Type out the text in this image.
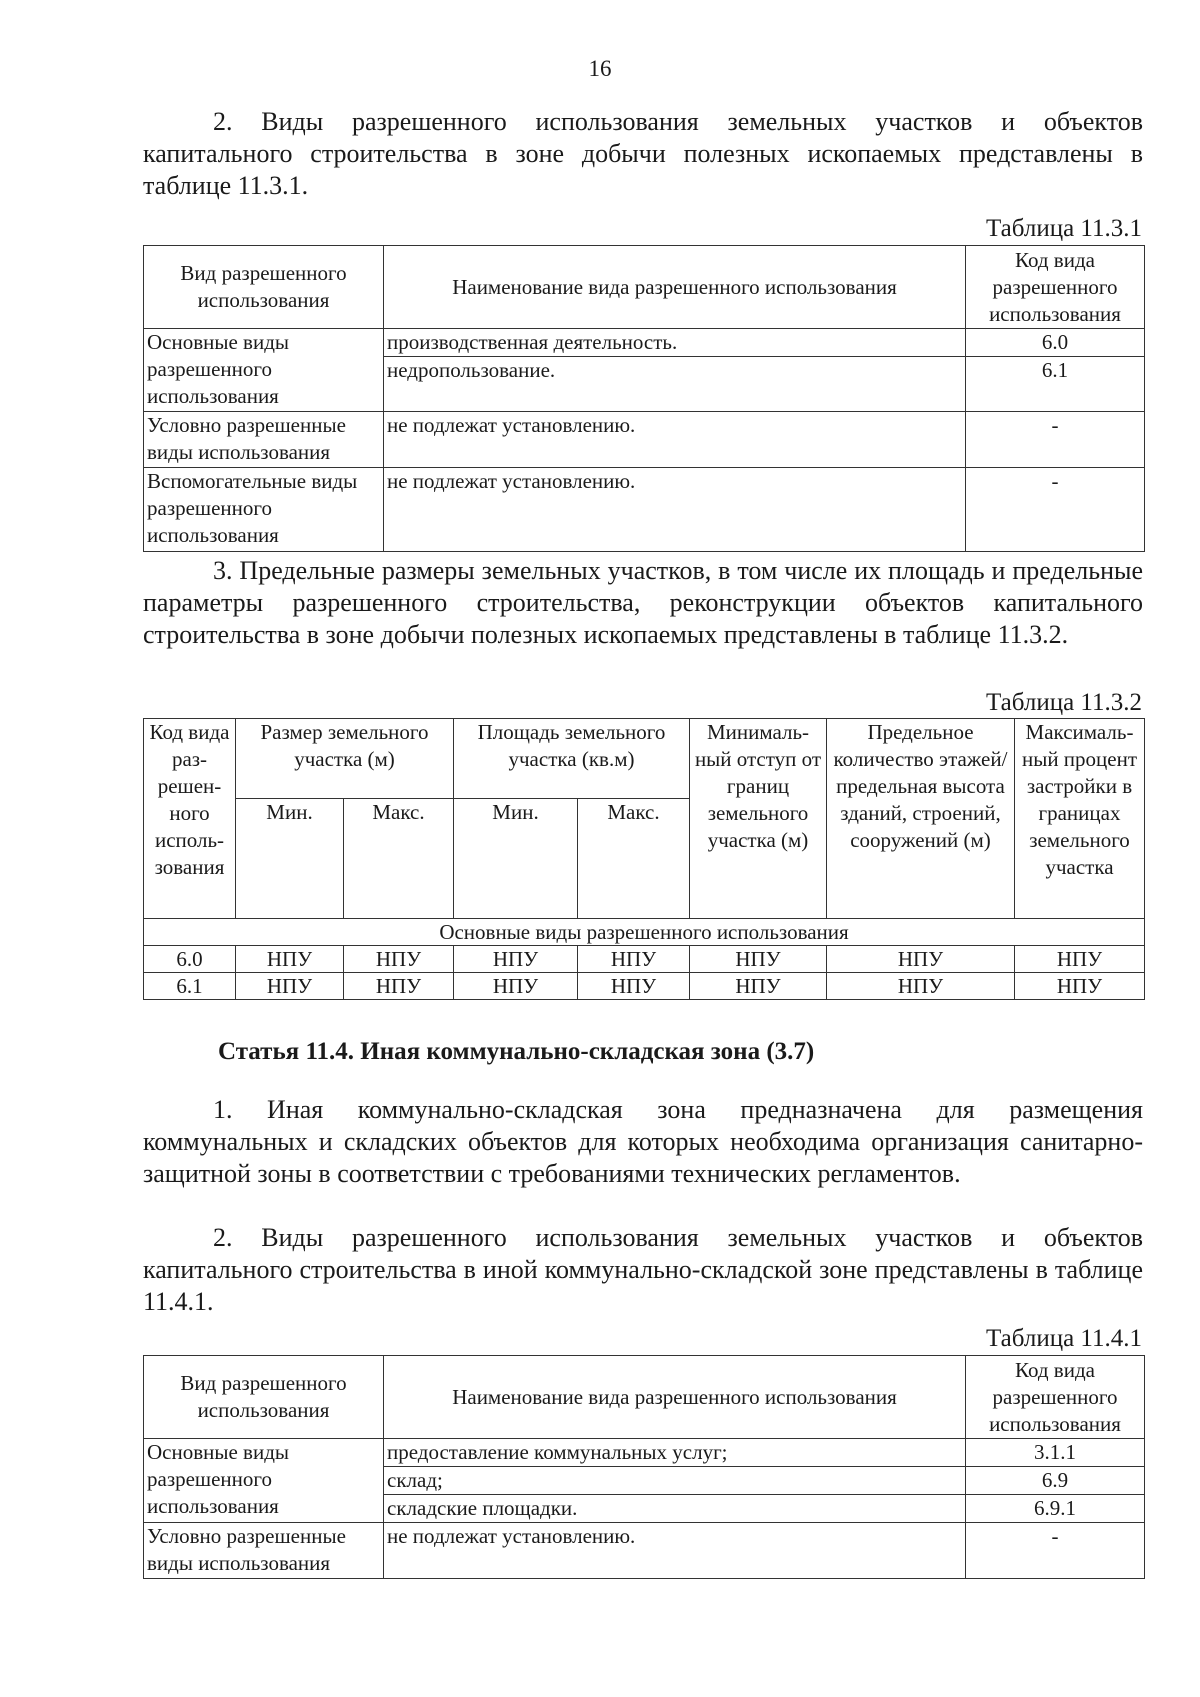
16

2. Виды разрешенного использования земельных участков и объектов капитального строительства в зоне добычи полезных ископаемых представлены в таблице 11.3.1.

Таблица 11.3.1
Вид разрешенного использования	Наименование вида разрешенного использования	Код вида разрешенного использования
Основные виды разрешенного использования	производственная деятельность.	6.0
	недропользование.	6.1
Условно разрешенные виды использования	не подлежат установлению.	-
Вспомогательные виды разрешенного использования	не подлежат установлению.	-

3. Предельные размеры земельных участков, в том числе их площадь и предельные параметры разрешенного строительства, реконструкции объектов капитального строительства в зоне добычи полезных ископаемых представлены в таблице 11.3.2.

Таблица 11.3.2
Код вида раз-решен-ного исполь-зования	Размер земельного участка (м)		Площадь земельного участка (кв.м)		Минималь-ный отступ от границ земельного участка (м)	Предельное количество этажей/ предельная высота зданий, строений, сооружений (м)	Максималь-ный процент застройки в границах земельного участка
	Мин.	Макс.	Мин.	Макс.			
Основные виды разрешенного использования							
6.0	НПУ	НПУ	НПУ	НПУ	НПУ	НПУ	НПУ
6.1	НПУ	НПУ	НПУ	НПУ	НПУ	НПУ	НПУ
Статья 11.4. Иная коммунально-складская зона (3.7)

1. Иная коммунально-складская зона предназначена для размещения коммунальных и складских объектов для которых необходима организация санитарно-защитной зоны в соответствии с требованиями технических регламентов.

2. Виды разрешенного использования земельных участков и объектов капитального строительства в иной коммунально-складской зоне представлены в таблице 11.4.1.

Таблица 11.4.1
Вид разрешенного использования	Наименование вида разрешенного использования	Код вида разрешенного использования
Основные виды разрешенного использования	предоставление коммунальных услуг;	3.1.1
	склад;	6.9
	складские площадки.	6.9.1
Условно разрешенные виды использования	не подлежат установлению.	-
